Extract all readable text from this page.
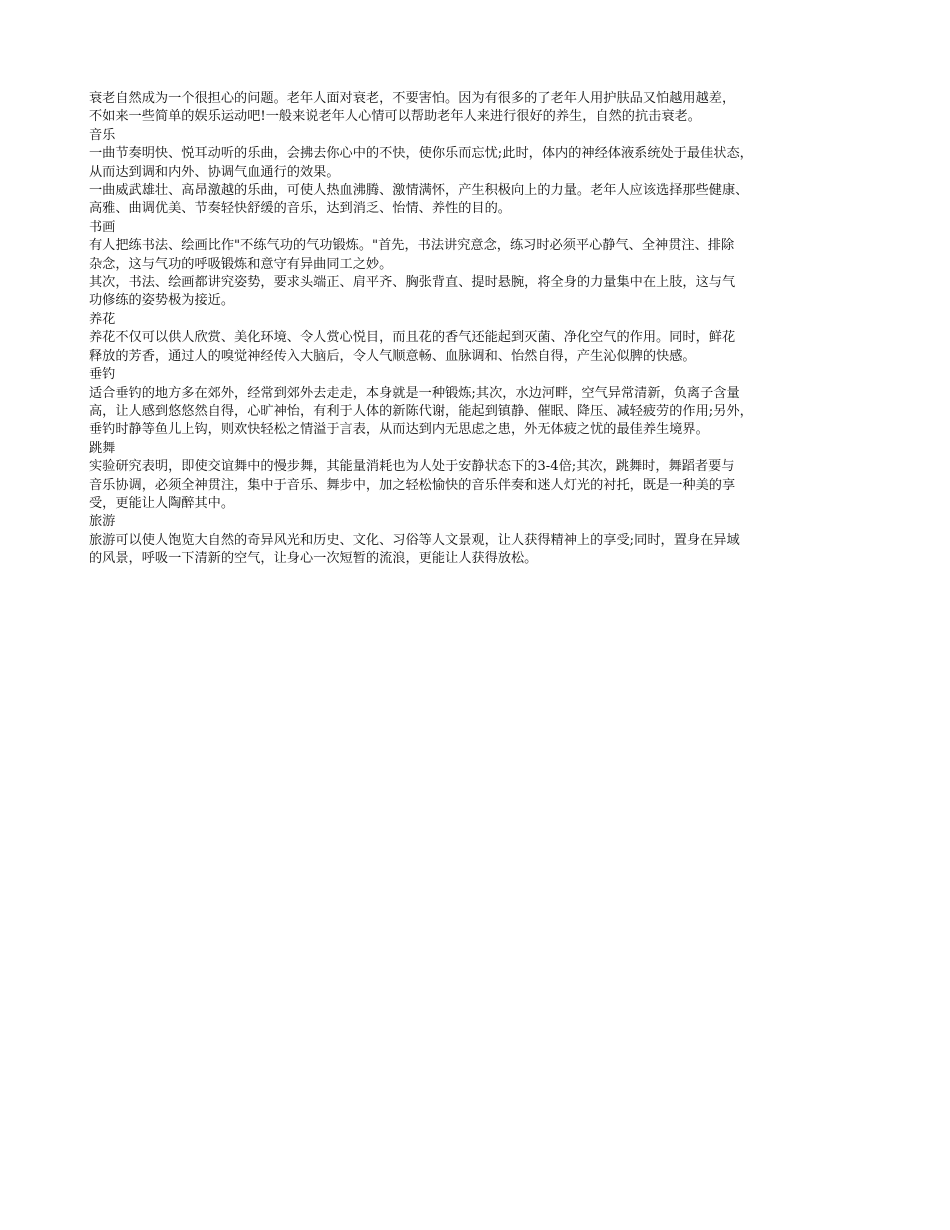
衰老自然成为一个很担心的问题。老年人面对衰老，不要害怕。因为有很多的了老年人用护肤品又怕越用越差，
不如来一些简单的娱乐运动吧!一般来说老年人心情可以帮助老年人来进行很好的养生，自然的抗击衰老。

音乐

一曲节奏明快、悦耳动听的乐曲，会拂去你心中的不快，使你乐而忘忧;此时，体内的神经体液系统处于最佳状态，
从而达到调和内外、协调气血通行的效果。

一曲威武雄壮、高昂激越的乐曲，可使人热血沸腾、激情满怀，产生积极向上的力量。老年人应该选择那些健康、
高雅、曲调优美、节奏轻快舒缓的音乐，达到消乏、怡情、养性的目的。

书画

有人把练书法、绘画比作"不练气功的气功锻炼。"首先，书法讲究意念，练习时必须平心静气、全神贯注、排除
杂念，这与气功的呼吸锻炼和意守有异曲同工之妙。

其次，书法、绘画都讲究姿势，要求头端正、肩平齐、胸张背直、提时悬腕，将全身的力量集中在上肢，这与气
功修练的姿势极为接近。

养花

养花不仅可以供人欣赏、美化环境、令人赏心悦目，而且花的香气还能起到灭菌、净化空气的作用。同时，鲜花
释放的芳香，通过人的嗅觉神经传入大脑后，令人气顺意畅、血脉调和、怡然自得，产生沁似脾的快感。

垂钓

适合垂钓的地方多在郊外，经常到郊外去走走，本身就是一种锻炼;其次，水边河畔，空气异常清新，负离子含量
高，让人感到悠悠然自得，心旷神怡，有利于人体的新陈代谢，能起到镇静、催眠、降压、减轻疲劳的作用;另外，
垂钓时静等鱼儿上钩，则欢快轻松之情溢于言表，从而达到内无思虑之患，外无体疲之忧的最佳养生境界。

跳舞

实验研究表明，即使交谊舞中的慢步舞，其能量消耗也为人处于安静状态下的3-4倍;其次，跳舞时，舞蹈者要与
音乐协调，必须全神贯注，集中于音乐、舞步中，加之轻松愉快的音乐伴奏和迷人灯光的衬托，既是一种美的享
受，更能让人陶醉其中。

旅游

旅游可以使人饱览大自然的奇异风光和历史、文化、习俗等人文景观，让人获得精神上的享受;同时，置身在异域
的风景，呼吸一下清新的空气，让身心一次短暂的流浪，更能让人获得放松。
